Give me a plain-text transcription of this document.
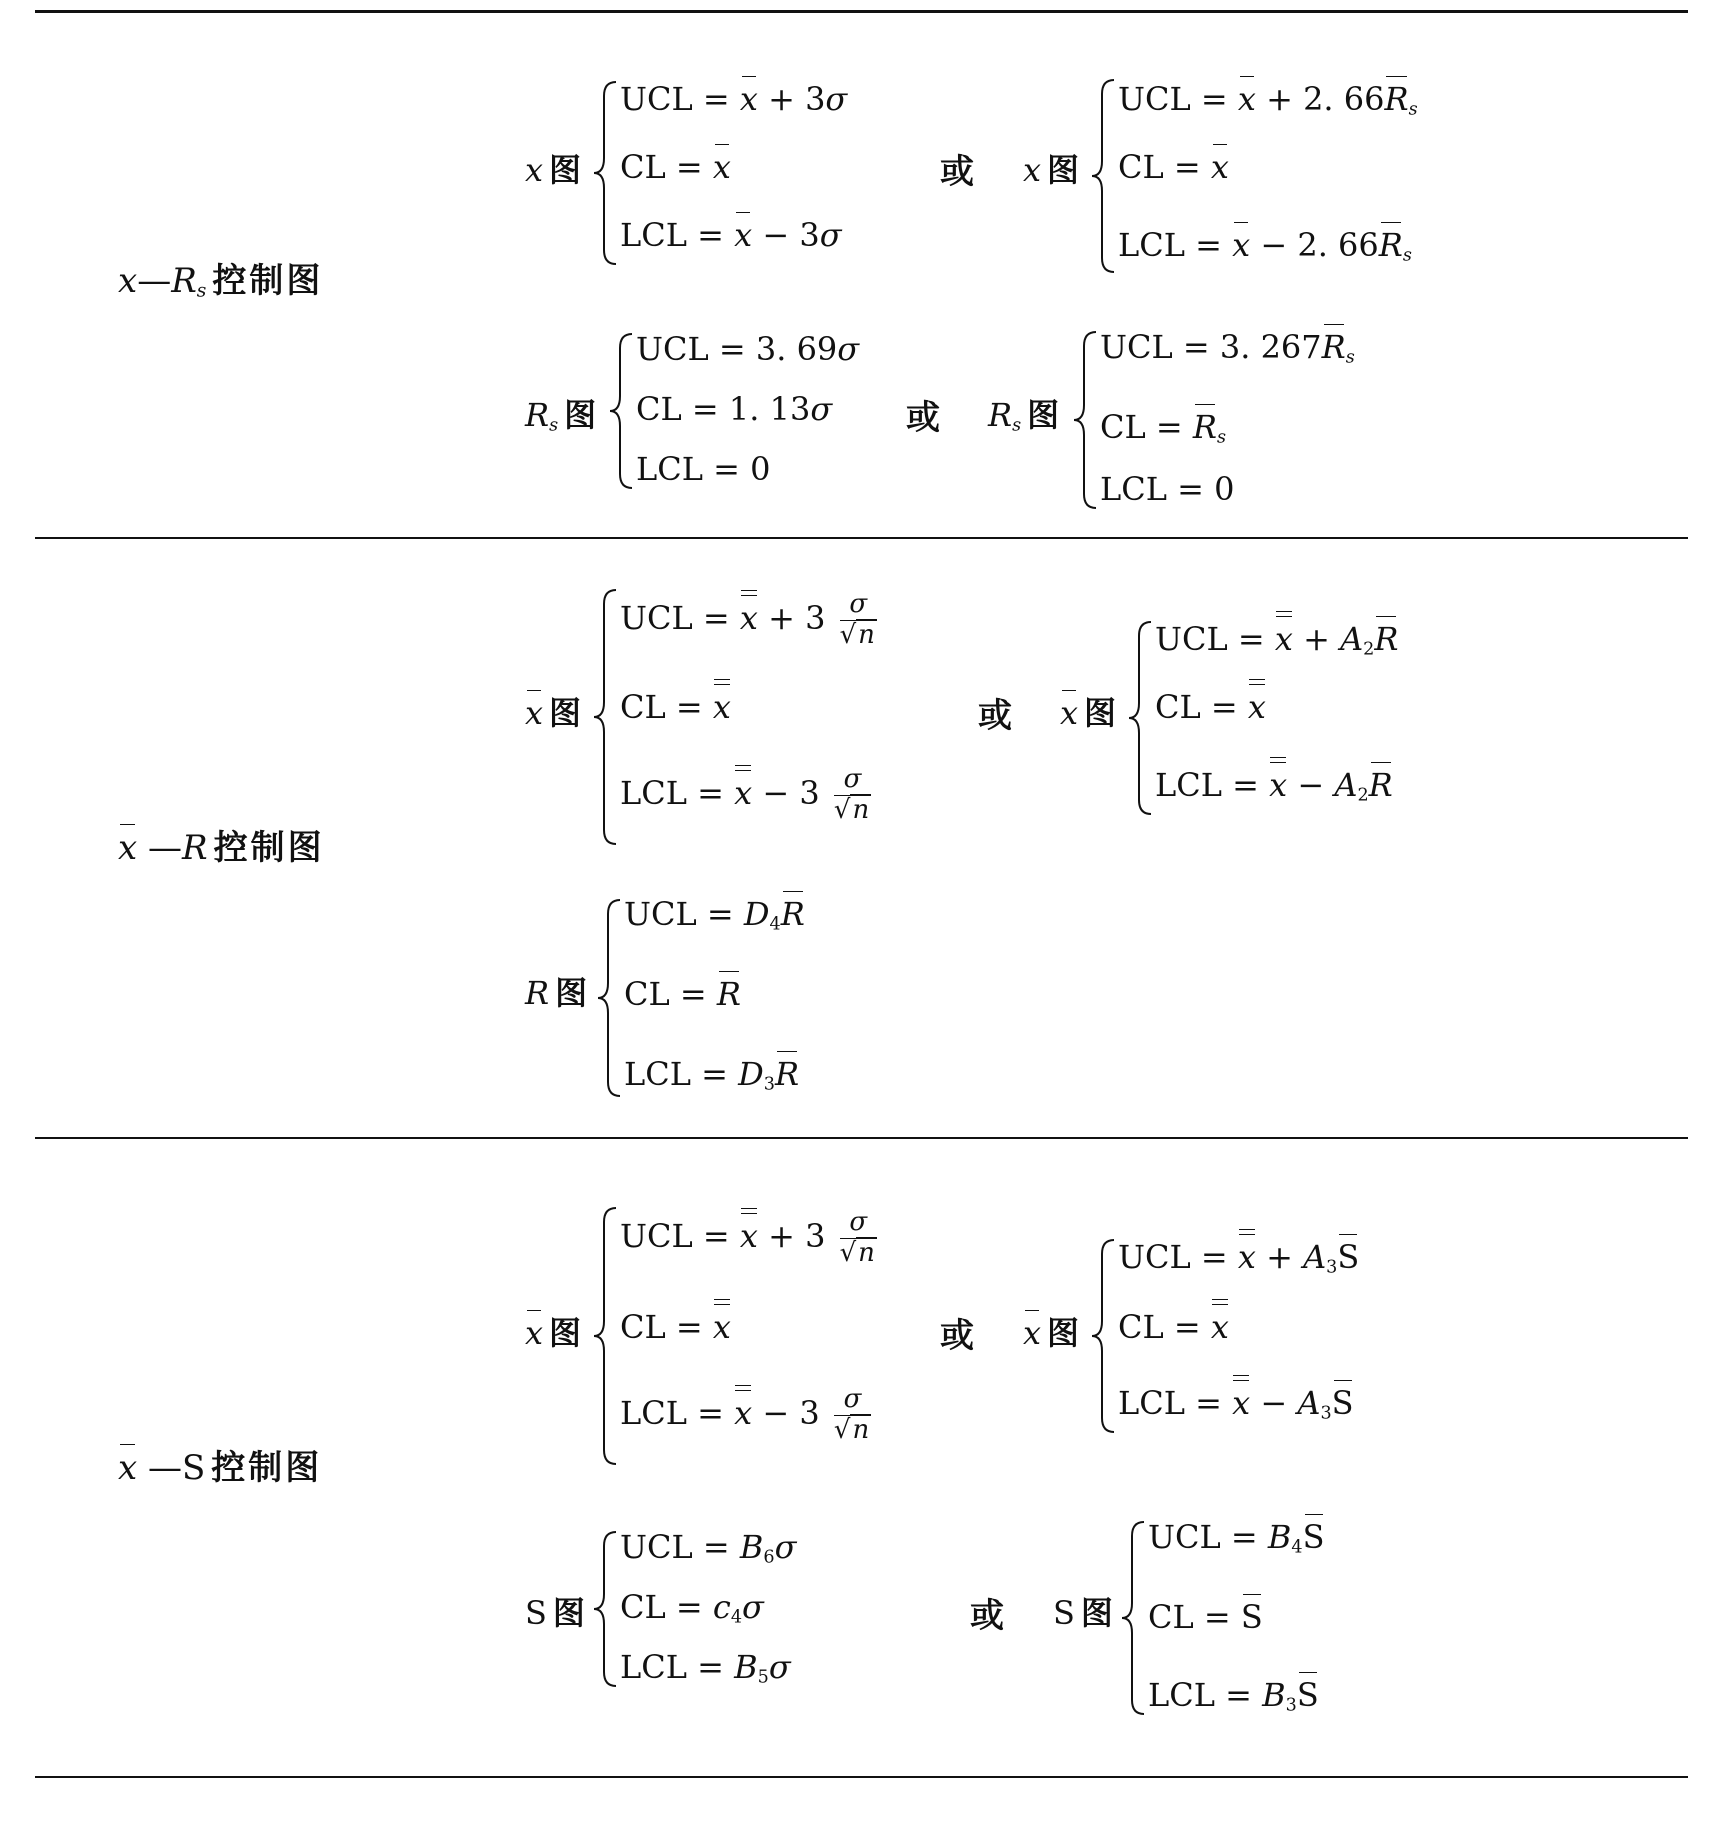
$x—R_s$ 控制图
x 图
UCL = x + 3σ
CL = x
LCL = x − 3σ
或 x 图
UCL = x + 2. $66R_s$
CL = x
LCL = x − 2. $66R_s$
$R_s$ 图
UCL = 3. 69σ
CL = 1. 13σ
LCL = 0
或 $R_s$ 图
UCL = 3. $267R_s$
CL = $R_s$
LCL = 0
x —R 控制图
x 图
UCL = $x + 3 \frac{\sigma}{√n}$
CL = x
LCL = $x - 3 \frac{\sigma}{√n}$
或 x 图
UCL = $x + A_2R$
CL = x
LCL = $x - A_2R$
R 图
UCL = $D_4R$
CL = R
LCL = $D_3R$
x —S 控制图
x 图
UCL = $x + 3 \frac{\sigma}{√n}$
CL = x
LCL = $x - 3 \frac{\sigma}{√n}$
或 x 图
UCL = $x + A_3S$
CL = x
LCL = $x - A_3S$
S 图
UCL = $B_6\sigma$
CL = $c_4\sigma$
LCL = $B_5\sigma$
或 S 图
UCL = $B_4S$
CL = S
LCL = $B_3S$
